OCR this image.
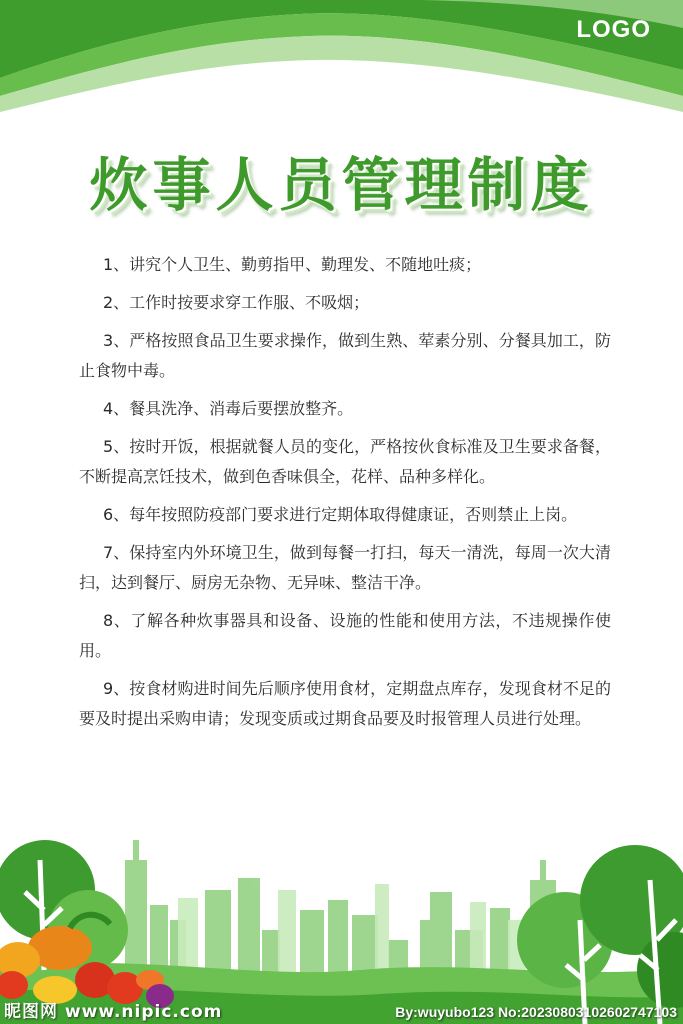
LOGO
炊事人员管理制度
1、讲究个人卫生、勤剪指甲、勤理发、不随地吐痰；
2、工作时按要求穿工作服、不吸烟；
3、严格按照食品卫生要求操作，做到生熟、荤素分别、分餐具加工，防止食物中毒。
4、餐具洗净、消毒后要摆放整齐。
5、按时开饭，根据就餐人员的变化，严格按伙食标准及卫生要求备餐，不断提高烹饪技术，做到色香味俱全，花样、品种多样化。
6、每年按照防疫部门要求进行定期体取得健康证，否则禁止上岗。
7、保持室内外环境卫生，做到每餐一打扫，每天一清洗，每周一次大清扫，达到餐厅、厨房无杂物、无异味、整洁干净。
8、了解各种炊事器具和设备、设施的性能和使用方法，不违规操作使用。
9、按食材购进时间先后顺序使用食材，定期盘点库存，发现食材不足的要及时提出采购申请；发现变质或过期食品要及时报管理人员进行处理。
昵图网 www.nipic.com	By:wuyubo123 No:20230803102602747103
